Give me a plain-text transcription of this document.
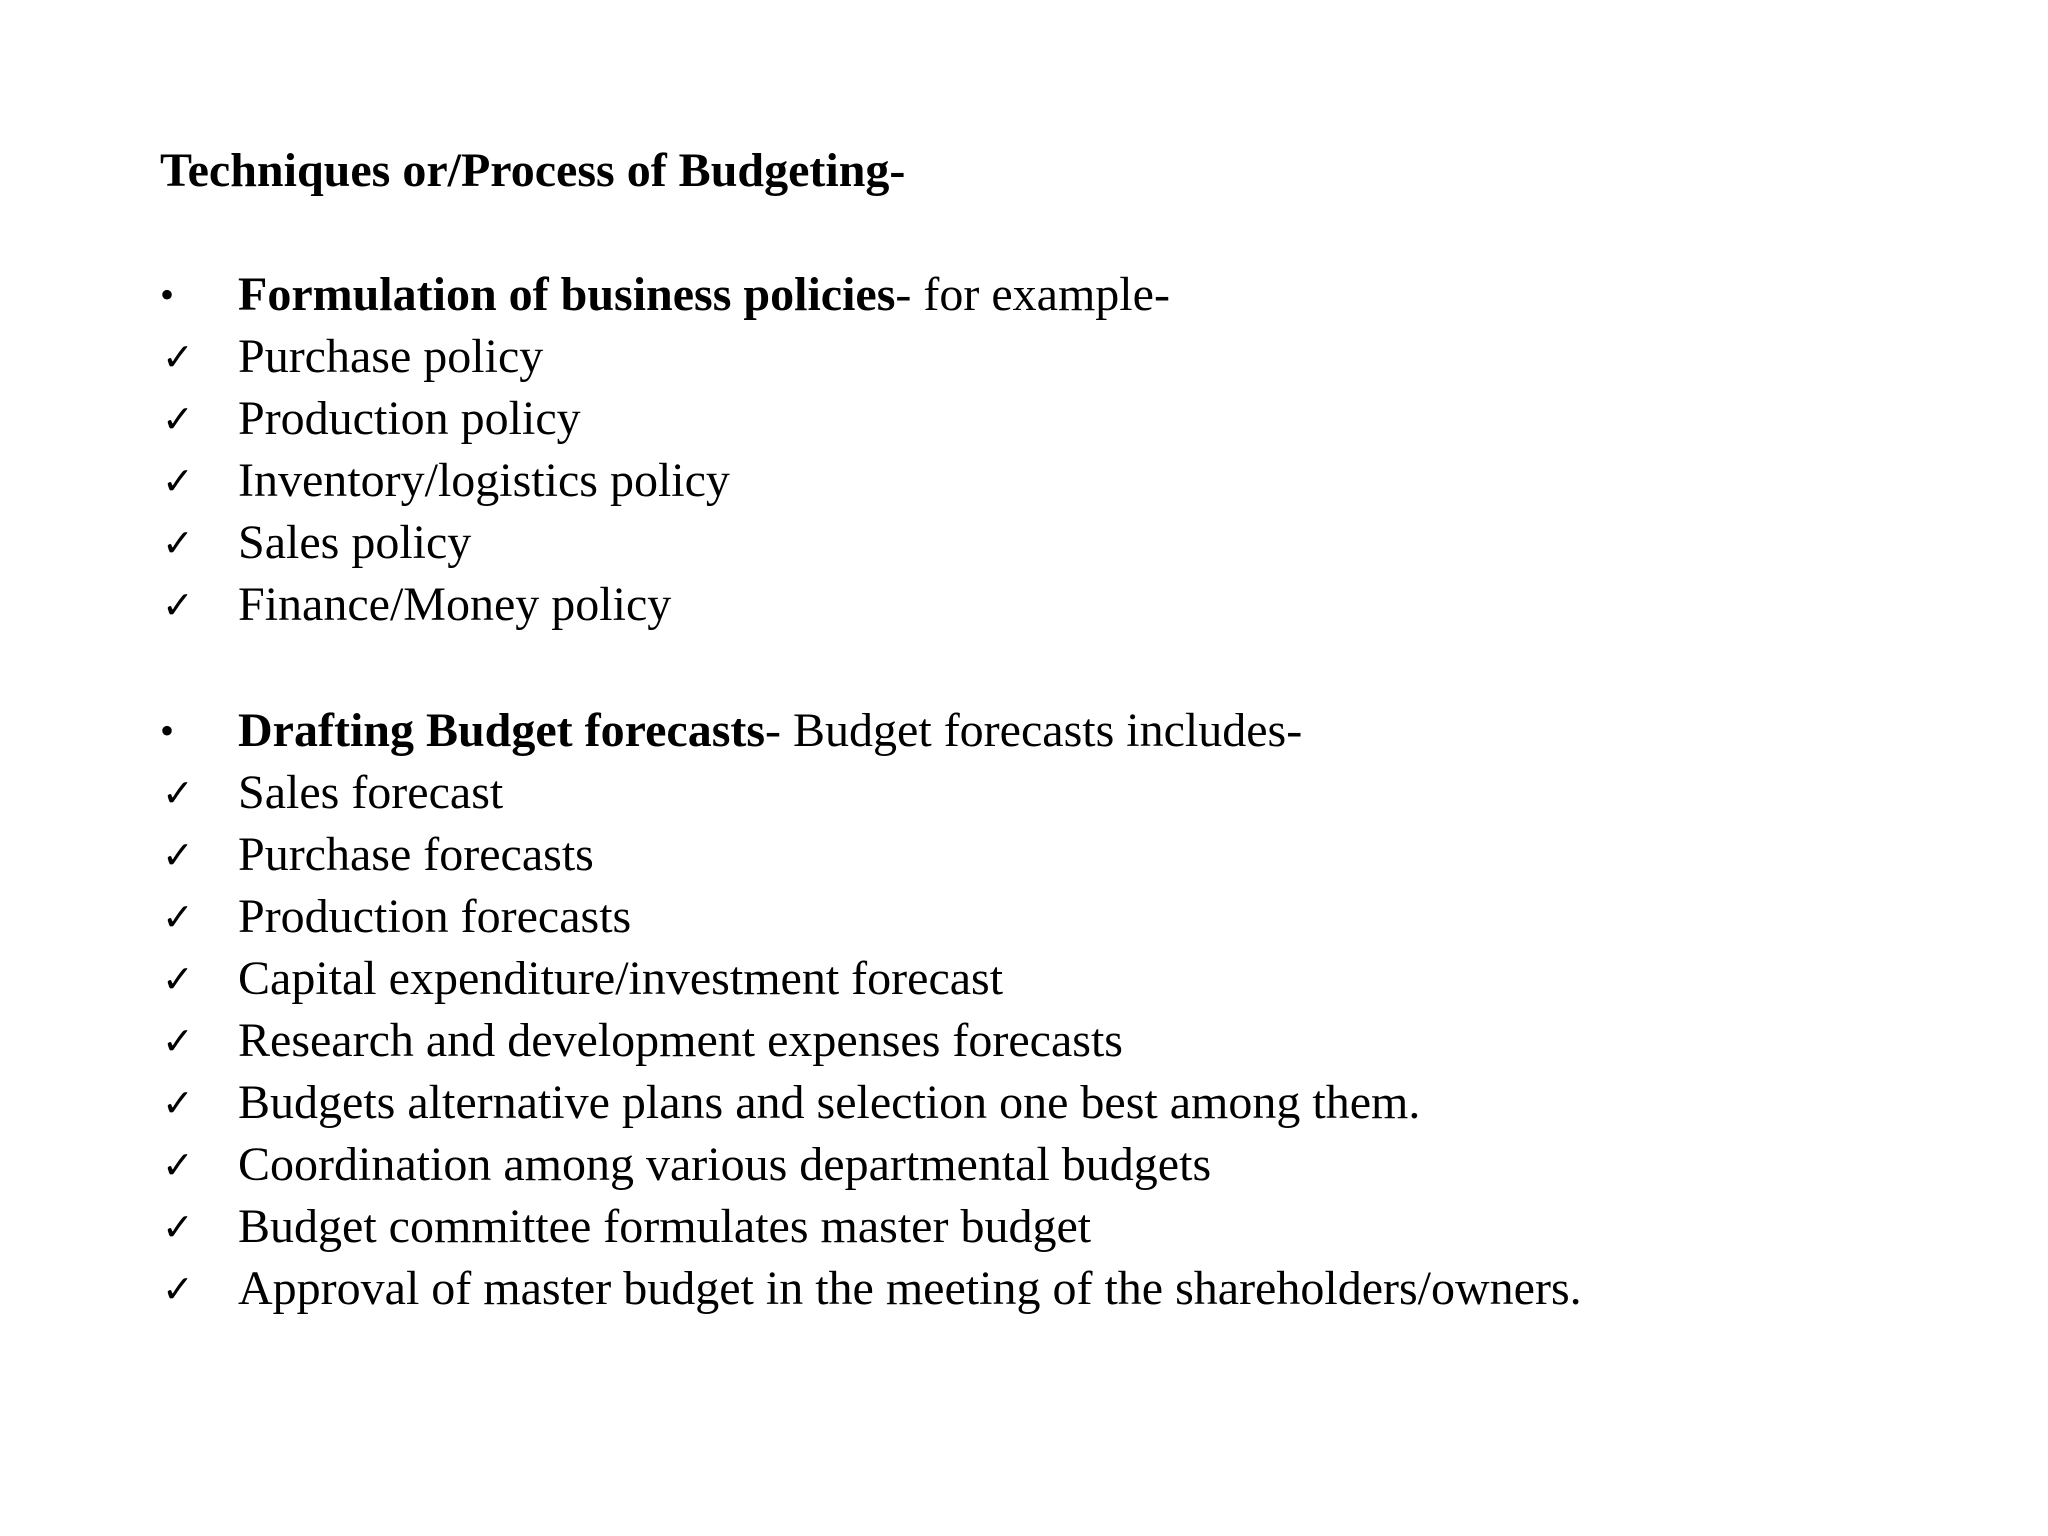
Techniques or/Process of Budgeting-
•	Formulation of business policies- for example-
✓ Purchase policy
✓ Production policy
✓ Inventory/logistics policy
✓ Sales policy
✓ Finance/Money policy
•	Drafting Budget forecasts- Budget forecasts includes-
✓ Sales forecast
✓ Purchase forecasts
✓ Production forecasts
✓ Capital expenditure/investment forecast
✓ Research and development expenses forecasts
✓ Budgets alternative plans and selection one best among them.
✓ Coordination among various departmental budgets
✓ Budget committee formulates master budget
✓ Approval of master budget in the meeting of the shareholders/owners.
